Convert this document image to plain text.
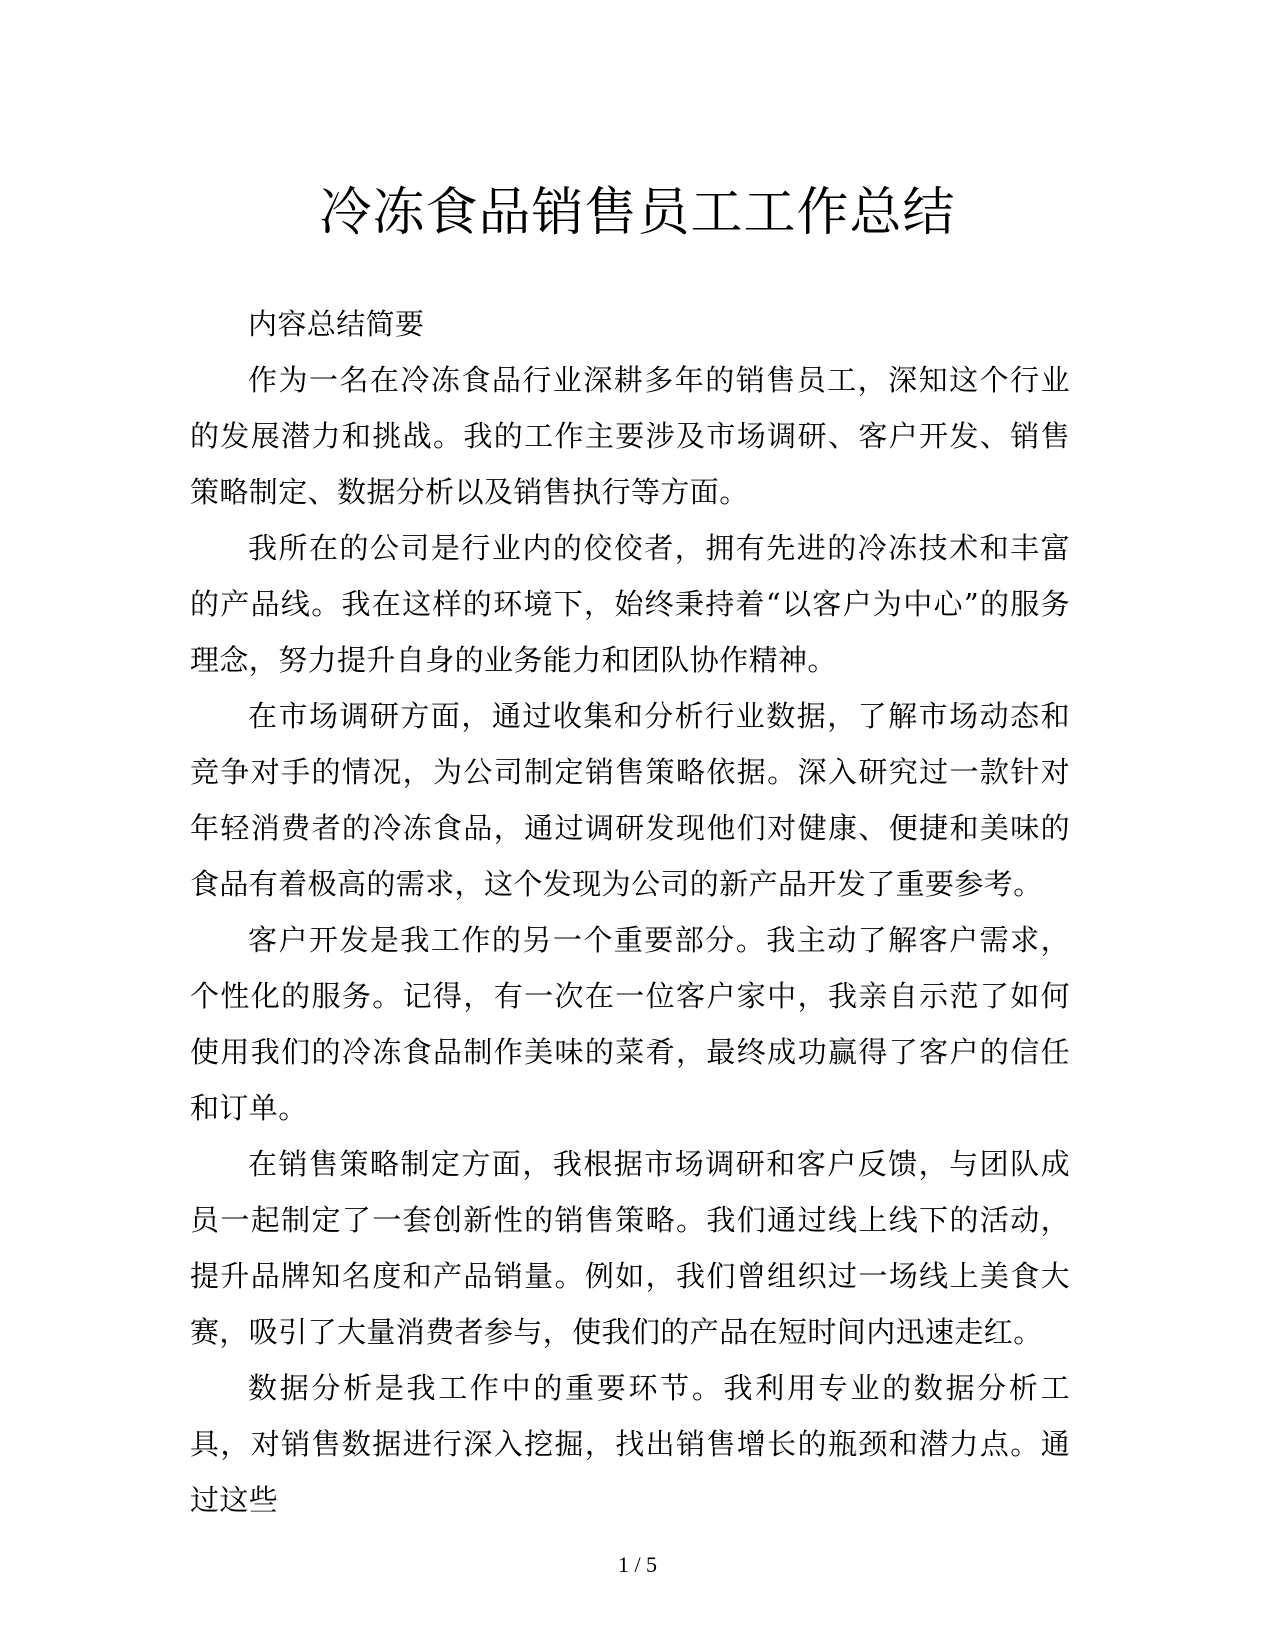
冷冻食品销售员工工作总结

内容总结简要

作为一名在冷冻食品行业深耕多年的销售员工，深知这个行业的发展潜力和挑战。我的工作主要涉及市场调研、客户开发、销售策略制定、数据分析以及销售执行等方面。

我所在的公司是行业内的佼佼者，拥有先进的冷冻技术和丰富的产品线。我在这样的环境下，始终秉持着“以客户为中心”的服务理念，努力提升自身的业务能力和团队协作精神。

在市场调研方面，通过收集和分析行业数据，了解市场动态和竞争对手的情况，为公司制定销售策略依据。深入研究过一款针对年轻消费者的冷冻食品，通过调研发现他们对健康、便捷和美味的食品有着极高的需求，这个发现为公司的新产品开发了重要参考。

客户开发是我工作的另一个重要部分。我主动了解客户需求，个性化的服务。记得，有一次在一位客户家中，我亲自示范了如何使用我们的冷冻食品制作美味的菜肴，最终成功赢得了客户的信任和订单。

在销售策略制定方面，我根据市场调研和客户反馈，与团队成员一起制定了一套创新性的销售策略。我们通过线上线下的活动，提升品牌知名度和产品销量。例如，我们曾组织过一场线上美食大赛，吸引了大量消费者参与，使我们的产品在短时间内迅速走红。

数据分析是我工作中的重要环节。我利用专业的数据分析工具，对销售数据进行深入挖掘，找出销售增长的瓶颈和潜力点。通过这些

1 / 5
